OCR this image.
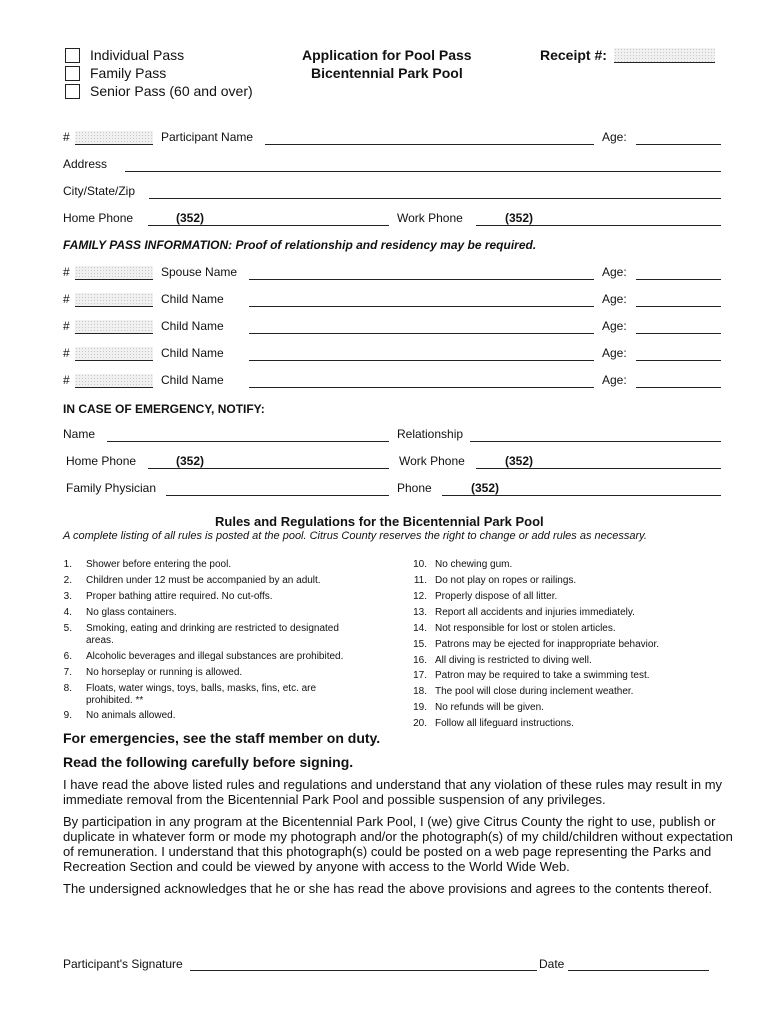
Individual Pass
Family Pass
Senior Pass (60 and over)
Application for Pool Pass
Bicentennial Park Pool
Receipt #:
#	Participant Name	Age:
Address
City/State/Zip
Home Phone	(352)	Work Phone	(352)
FAMILY PASS INFORMATION: Proof of relationship and residency may be required.
#	Spouse Name	Age:
#	Child Name	Age:
#	Child Name	Age:
#	Child Name	Age:
#	Child Name	Age:
IN CASE OF EMERGENCY, NOTIFY:
Name	Relationship
Home Phone	(352)	Work Phone	(352)
Family Physician	Phone	(352)
Rules and Regulations for the Bicentennial Park Pool
A complete listing of all rules is posted at the pool. Citrus County reserves the right to change or add rules as necessary.
1. Shower before entering the pool.
2. Children under 12 must be accompanied by an adult.
3. Proper bathing attire required. No cut-offs.
4. No glass containers.
5. Smoking, eating and drinking are restricted to designated
areas.
6. Alcoholic beverages and illegal substances are prohibited.
7. No horseplay or running is allowed.
8. Floats, water wings, toys, balls, masks, fins, etc. are
prohibited. **
9. No animals allowed.
10. No chewing gum.
11. Do not play on ropes or railings.
12. Properly dispose of all litter.
13. Report all accidents and injuries immediately.
14. Not responsible for lost or stolen articles.
15. Patrons may be ejected for inappropriate behavior.
16. All diving is restricted to diving well.
17. Patron may be required to take a swimming test.
18. The pool will close during inclement weather.
19. No refunds will be given.
20. Follow all lifeguard instructions.
For emergencies, see the staff member on duty.
Read the following carefully before signing.
I have read the above listed rules and regulations and understand that any violation of these rules may result in my
immediate removal from the Bicentennial Park Pool and possible suspension of any privileges.
By participation in any program at the Bicentennial Park Pool, I (we) give Citrus County the right to use, publish or
duplicate in whatever form or mode my photograph and/or the photograph(s) of my child/children without expectation
of remuneration. I understand that this photograph(s) could be posted on a web page representing the Parks and
Recreation Section and could be viewed by anyone with access to the World Wide Web.
The undersigned acknowledges that he or she has read the above provisions and agrees to the contents thereof.
Participant's Signature	Date
